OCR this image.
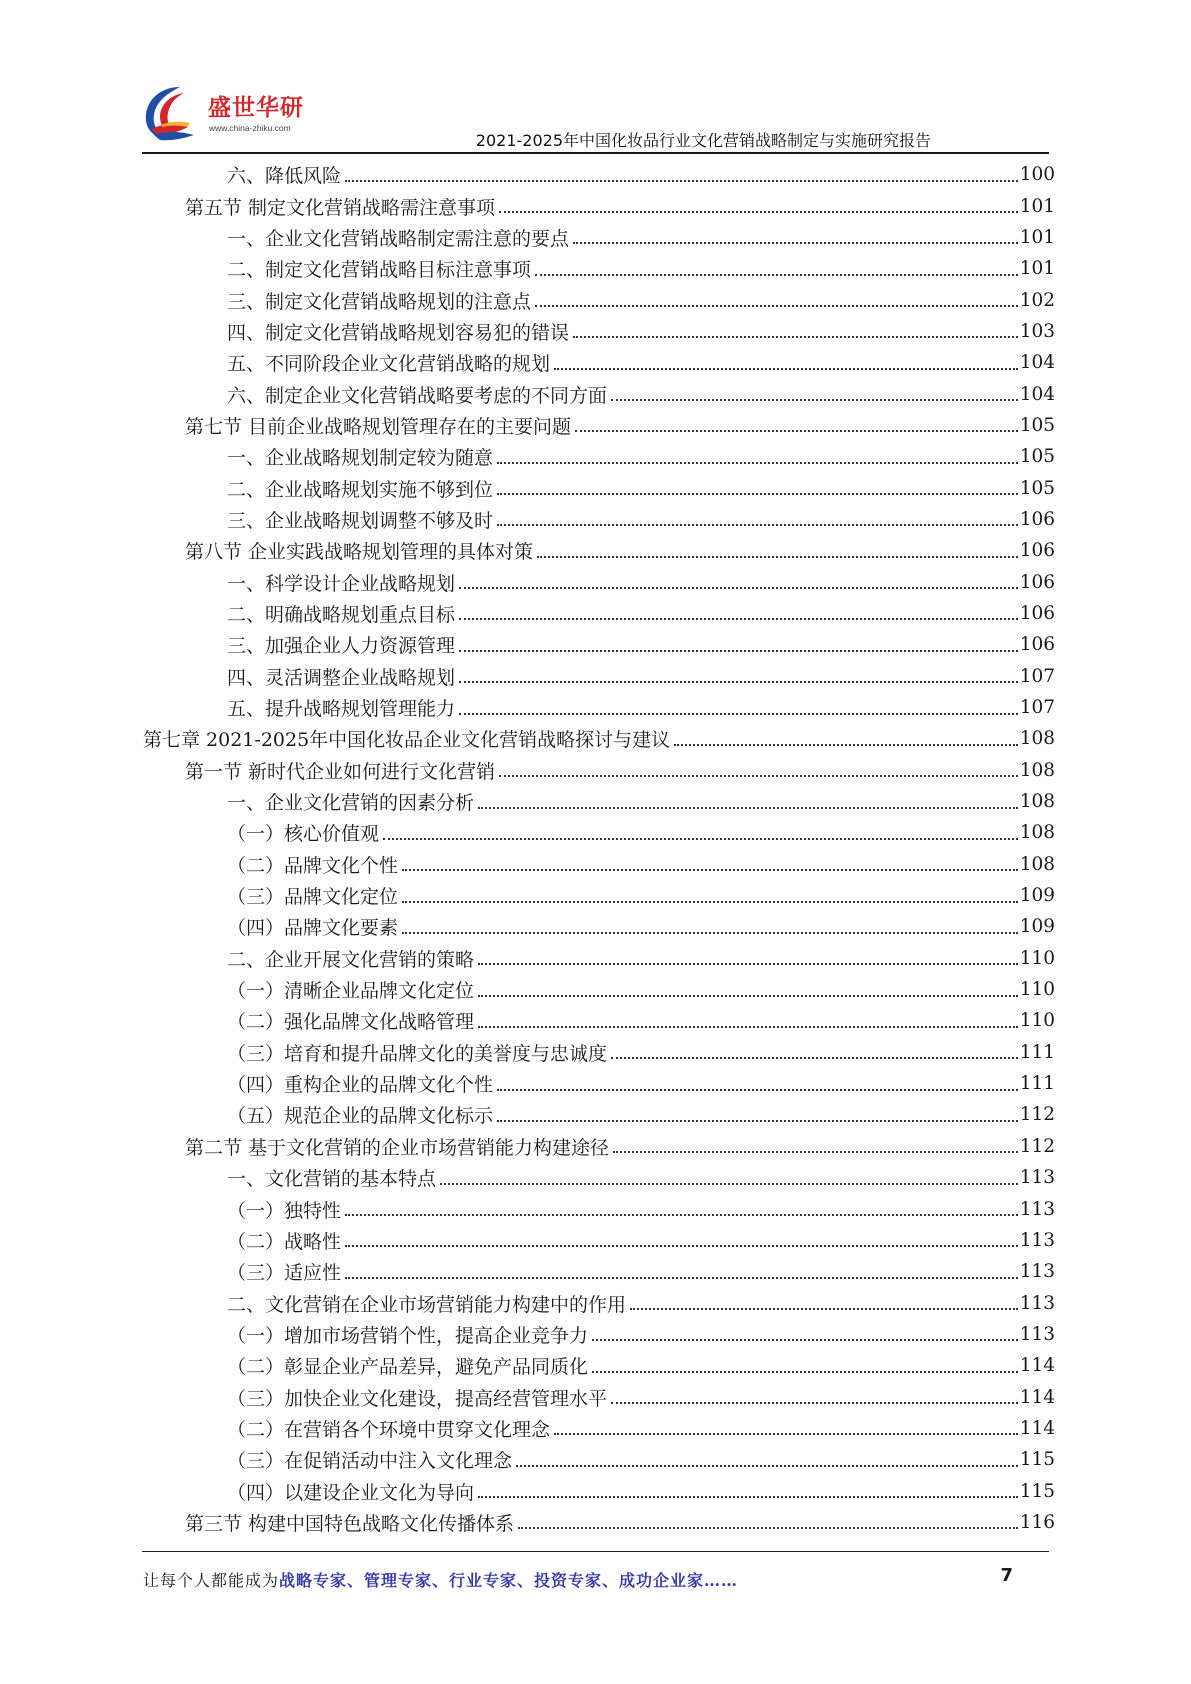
盛世华研
www.china-zhiku.com
2021-2025年中国化妆品行业文化营销战略制定与实施研究报告
六、降低风险	100
第五节 制定文化营销战略需注意事项	101
一、企业文化营销战略制定需注意的要点	101
二、制定文化营销战略目标注意事项	101
三、制定文化营销战略规划的注意点	102
四、制定文化营销战略规划容易犯的错误	103
五、不同阶段企业文化营销战略的规划	104
六、制定企业文化营销战略要考虑的不同方面	104
第七节 目前企业战略规划管理存在的主要问题	105
一、企业战略规划制定较为随意	105
二、企业战略规划实施不够到位	105
三、企业战略规划调整不够及时	106
第八节 企业实践战略规划管理的具体对策	106
一、科学设计企业战略规划	106
二、明确战略规划重点目标	106
三、加强企业人力资源管理	106
四、灵活调整企业战略规划	107
五、提升战略规划管理能力	107
第七章 2021-2025年中国化妆品企业文化营销战略探讨与建议	108
第一节 新时代企业如何进行文化营销	108
一、企业文化营销的因素分析	108
（一）核心价值观	108
（二）品牌文化个性	108
（三）品牌文化定位	109
（四）品牌文化要素	109
二、企业开展文化营销的策略	110
（一）清晰企业品牌文化定位	110
（二）强化品牌文化战略管理	110
（三）培育和提升品牌文化的美誉度与忠诚度	111
（四）重构企业的品牌文化个性	111
（五）规范企业的品牌文化标示	112
第二节 基于文化营销的企业市场营销能力构建途径	112
一、文化营销的基本特点	113
（一）独特性	113
（二）战略性	113
（三）适应性	113
二、文化营销在企业市场营销能力构建中的作用	113
（一）增加市场营销个性，提高企业竞争力	113
（二）彰显企业产品差异，避免产品同质化	114
（三）加快企业文化建设，提高经营管理水平	114
（二）在营销各个环境中贯穿文化理念	114
（三）在促销活动中注入文化理念	115
（四）以建设企业文化为导向	115
第三节 构建中国特色战略文化传播体系	116
让每个人都能成为战略专家、管理专家、行业专家、投资专家、成功企业家……	7
